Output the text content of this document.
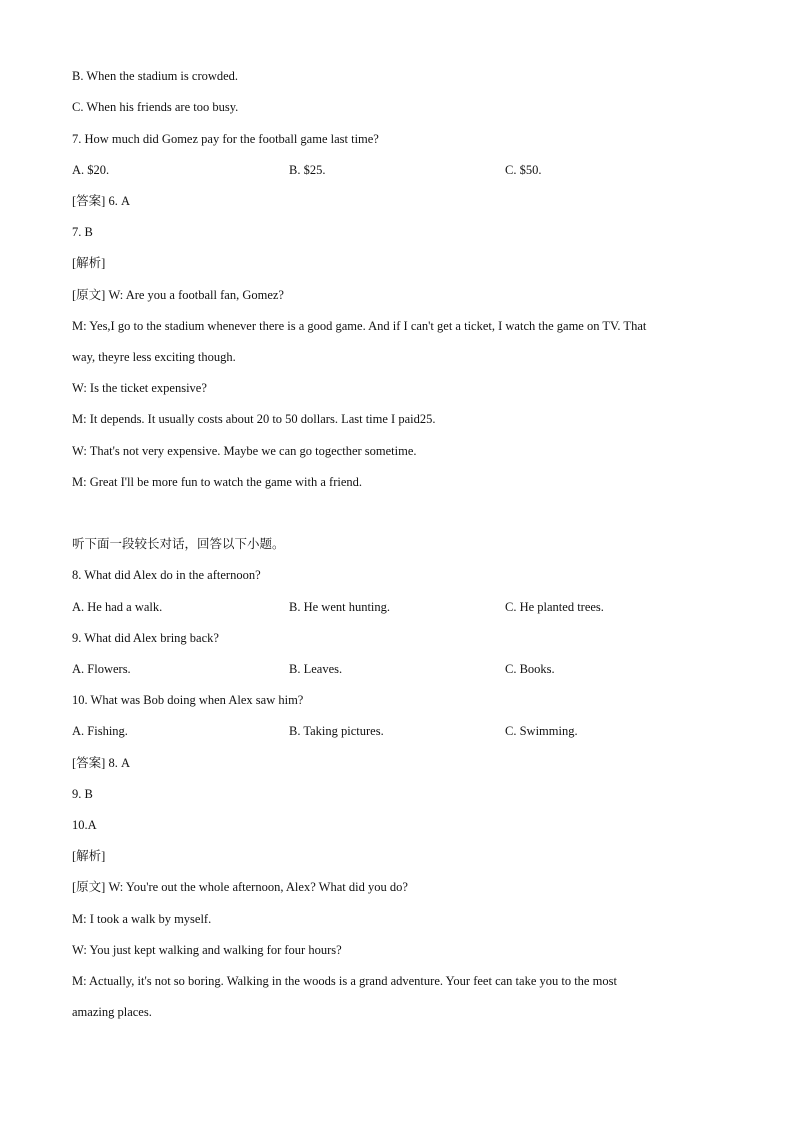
B. When the stadium is crowded.
C. When his friends are too busy.
7. How much did Gomez pay for the football game last time?
A. $20.	B. $25.	C. $50.
[答案] 6. A
7. B
[解析]
[原文] W: Are you a football fan, Gomez?
M: Yes,I go to the stadium whenever there is a good game. And if I can't get a ticket, I watch the game on TV. That
way, theyre less exciting though.
W: Is the ticket expensive?
M: It depends. It usually costs about 20 to 50 dollars. Last time I paid25.
W: That's not very expensive. Maybe we can go togecther sometime.
M: Great I'll be more fun to watch the game with a friend.
听下面一段较长对话，回答以下小题。
8. What did Alex do in the afternoon?
A. He had a walk.	B. He went hunting.	C. He planted trees.
9. What did Alex bring back?
A. Flowers.	B. Leaves.	C. Books.
10. What was Bob doing when Alex saw him?
A. Fishing.	B. Taking pictures.	C. Swimming.
[答案] 8. A
9. B
10.A
[解析]
[原文] W: You're out the whole afternoon, Alex? What did you do?
M: I took a walk by myself.
W: You just kept walking and walking for four hours?
M: Actually, it's not so boring. Walking in the woods is a grand adventure. Your feet can take you to the most
amazing places.
